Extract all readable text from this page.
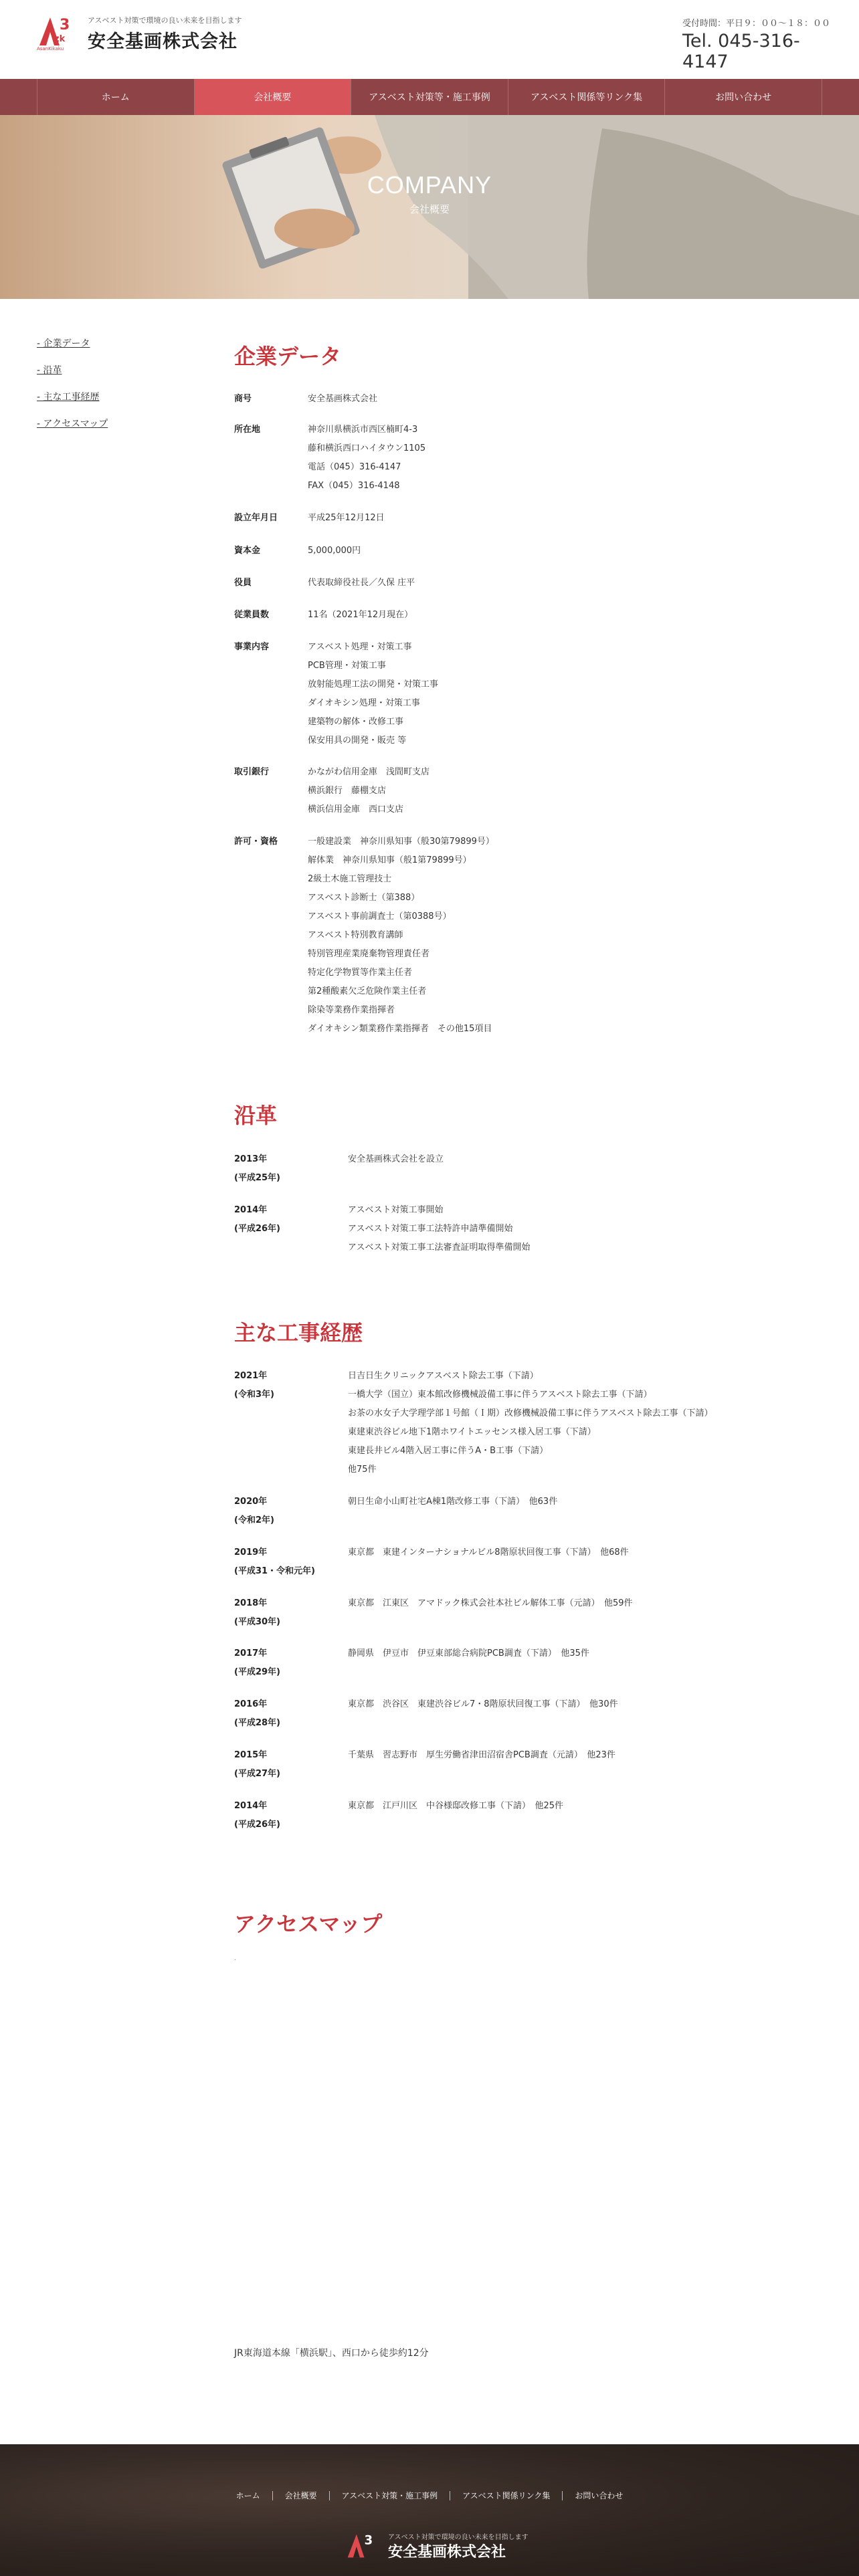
3
zk
AsanKikaku
アスベスト対策で環境の良い未来を目指します
安全基画株式会社
受付時間：平日９：００～１８：００
Tel. 045-316-4147
ホーム	会社概要	アスベスト対策等・施工事例	アスベスト関係等リンク集	お問い合わせ
COMPANY
会社概要
- 企業データ
- 沿革
- 主な工事経歴
- アクセスマップ
企業データ
商号	安全基画株式会社
所在地	神奈川県横浜市西区楠町4-3
藤和横浜西口ハイタウン1105
電話（045）316-4147
FAX（045）316-4148
設立年月日	平成25年12月12日
資本金	5,000,000円
役員	代表取締役社長／久保 庄平
従業員数	11名（2021年12月現在）
事業内容	アスベスト処理・対策工事
PCB管理・対策工事
放射能処理工法の開発・対策工事
ダイオキシン処理・対策工事
建築物の解体・改修工事
保安用具の開発・販売 等
取引銀行	かながわ信用金庫　浅間町支店
横浜銀行　藤棚支店
横浜信用金庫　西口支店
許可・資格	一般建設業　神奈川県知事（般30第79899号）
解体業　神奈川県知事（般1第79899号）
2級土木施工管理技士
アスベスト診断士（第388）
アスベスト事前調査士（第0388号）
アスベスト特別教育講師
特別管理産業廃棄物管理責任者
特定化学物質等作業主任者
第2種酸素欠乏危険作業主任者
除染等業務作業指揮者
ダイオキシン類業務作業指揮者　その他15項目
沿革
2013年
(平成25年)
安全基画株式会社を設立
2014年
(平成26年)
アスベスト対策工事開始
アスベスト対策工事工法特許申請準備開始
アスベスト対策工事工法審査証明取得準備開始
主な工事経歴
2021年
(令和3年)
日吉日生クリニックアスベスト除去工事（下請）
一橋大学（国立）東本館改修機械設備工事に伴うアスベスト除去工事（下請）
お茶の水女子大学理学部１号館（Ｉ期）改修機械設備工事に伴うアスベスト除去工事（下請）
東建東渋谷ビル地下1階ホワイトエッセンス様入居工事（下請）
東建長井ビル4階入居工事に伴うA・B工事（下請）
他75件
2020年
(令和2年)
朝日生命小山町社宅A棟1階改修工事（下請）　他63件
2019年
(平成31・令和元年)
東京都　東建インターナショナルビル8階原状回復工事（下請）　他68件
2018年
(平成30年)
東京都　江東区　アマドック株式会社本社ビル解体工事（元請）　他59件
2017年
(平成29年)
静岡県　伊豆市　伊豆東部総合病院PCB調査（下請）　他35件
2016年
(平成28年)
東京都　渋谷区　東建渋谷ビル7・8階原状回復工事（下請）　他30件
2015年
(平成27年)
千葉県　習志野市　厚生労働省津田沼宿舎PCB調査（元請）　他23件
2014年
(平成26年)
東京都　江戸川区　中谷様邸改修工事（下請）　他25件
アクセスマップ
.
JR東海道本線「横浜駅」、西口から徒歩約12分
ホーム	会社概要	アスベスト対策・施工事例	アスベスト関係リンク集	お問い合わせ
3 アスベスト対策で環境の良い未来を目指します
安全基画株式会社
